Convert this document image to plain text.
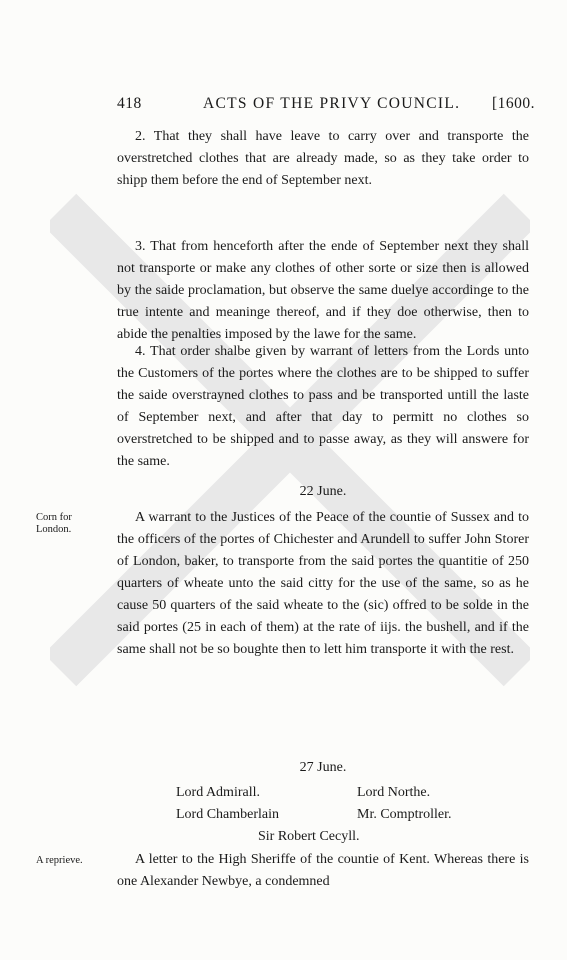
418	ACTS OF THE PRIVY COUNCIL. [1600.

2. That they shall have leave to carry over and transporte the overstretched clothes that are already made, so as they take order to shipp them before the end of September next.

3. That from henceforth after the ende of September next they shall not transporte or make any clothes of other sorte or size then is allowed by the saide proclamation, but observe the same duelye accordinge to the true intente and meaninge thereof, and if they doe otherwise, then to abide the penalties imposed by the lawe for the same.

4. That order shalbe given by warrant of letters from the Lords unto the Customers of the portes where the clothes are to be shipped to suffer the saide overstrayned clothes to pass and be transported untill the laste of September next, and after that day to permitt no clothes so overstretched to be shipped and to passe away, as they will answere for the same.

22 June.
Corn for
London.

A warrant to the Justices of the Peace of the countie of Sussex and to the officers of the portes of Chichester and Arundell to suffer John Storer of London, baker, to transporte from the said portes the quantitie of 250 quarters of wheate unto the said citty for the use of the same, so as he cause 50 quarters of the said wheate to the (sic) offred to be solde in the said portes (25 in each of them) at the rate of iijs. the bushell, and if the same shall not be so boughte then to lett him transporte it with the rest.

27 June.
Lord Admirall.	Lord Northe.
Lord Chamberlain	Mr. Comptroller.
Sir Robert Cecyll.
A reprieve.	A letter to the High Sheriffe of the countie of Kent. Whereas there is one Alexander Newbye, a condemned
